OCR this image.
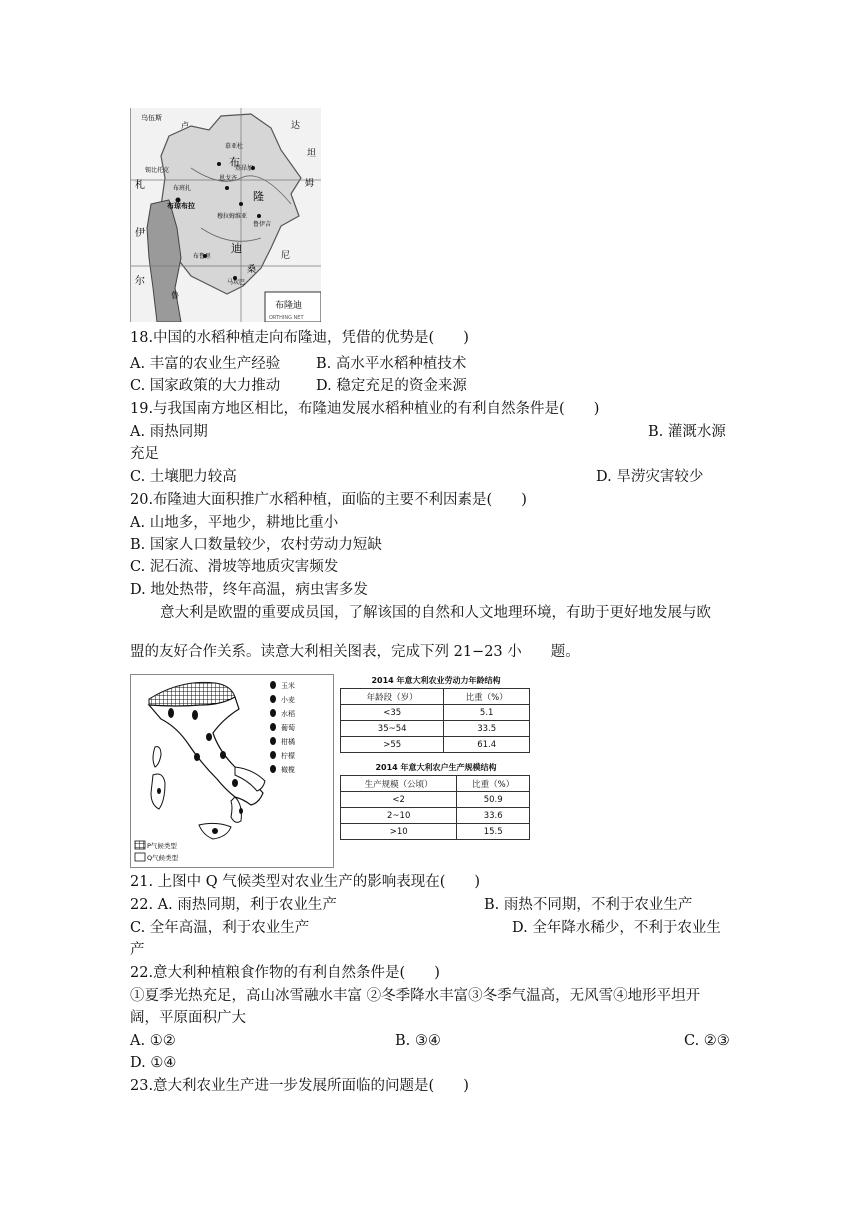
乌伍斯
卢	达
布
坦
姆
慕亚杜
锡比托克	基昂加
札	布班扎
恩戈齐
隆
布琼布拉
穆拉姆维亚
鲁伊吉
伊
迪
布鲁里	尼
尔	马坎巴
桑
鲁
布隆迪
ORTHING NET
18.中国的水稻种植走向布隆迪，凭借的优势是(　　)
A. 丰富的农业生产经验 B. 高水平水稻种植技术
C. 国家政策的大力推动 D. 稳定充足的资金来源
19.与我国南方地区相比，布隆迪发展水稻种植业的有利自然条件是(　　)
A. 雨热同期	B. 灌溉水源
充足
C. 土壤肥力较高	D. 旱涝灾害较少
20.布隆迪大面积推广水稻种植，面临的主要不利因素是(　　)
A. 山地多，平地少，耕地比重小
B. 国家人口数量较少，农村劳动力短缺
C. 泥石流、滑坡等地质灾害频发
D. 地处热带，终年高温，病虫害多发
意大利是欧盟的重要成员国，了解该国的自然和人文地理环境，有助于更好地发展与欧
盟的友好合作关系。读意大利相关图表，完成下列 21−23 小　　题。
玉米
小麦
水稻
葡萄
柑橘
柠檬
橄榄
P气候类型
Q气候类型
2014 年意大利农业劳动力年龄结构
年龄段（岁）	比重（%）
<35	5.1
35~54	33.5
>55	61.4
2014 年意大利农户生产规模结构
生产规模（公顷）	比重（%）
<2	50.9
2~10	33.6
>10	15.5
21. 上图中 Q 气候类型对农业生产的影响表现在(　　)
22. A. 雨热同期，利于农业生产	B. 雨热不同期，不利于农业生产
C. 全年高温，利于农业生产	D. 全年降水稀少，不利于农业生
产
22.意大利种植粮食作物的有利自然条件是(　　)
①夏季光热充足，高山冰雪融水丰富 ②冬季降水丰富③冬季气温高，无风雪④地形平坦开
阔，平原面积广大
A. ①②	B. ③④	C. ②③
D. ①④
23.意大利农业生产进一步发展所面临的问题是(　　)
